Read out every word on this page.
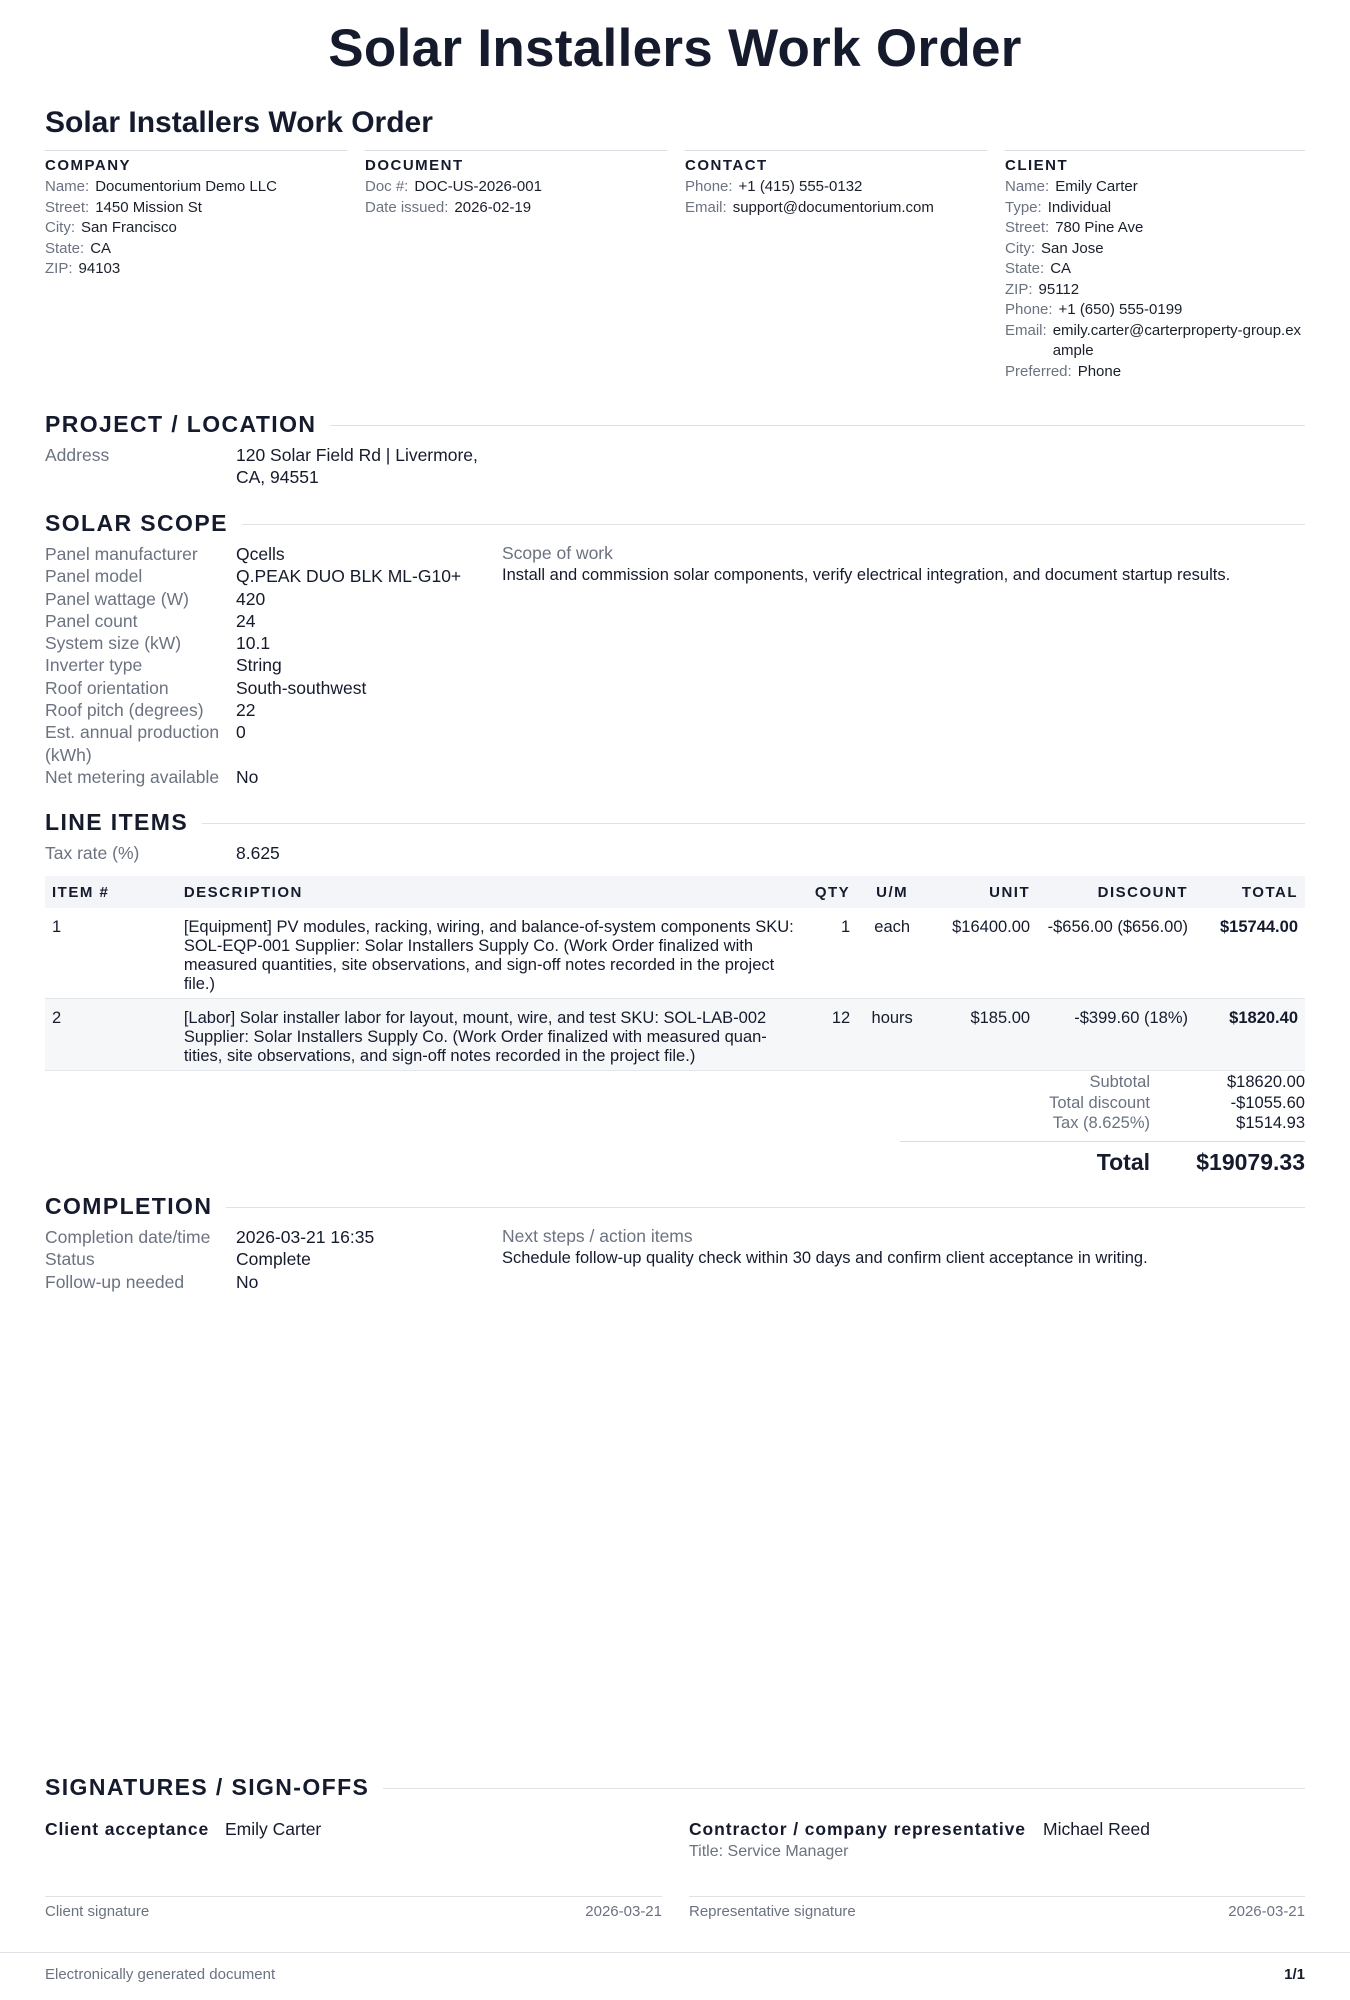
Solar Installers Work Order
Solar Installers Work Order
COMPANY
Name: Documentorium Demo LLC
Street: 1450 Mission St
City: San Francisco
State: CA
ZIP: 94103
DOCUMENT
Doc #: DOC-US-2026-001
Date issued: 2026-02-19
CONTACT
Phone: +1 (415) 555-0132
Email: support@documentorium.com
CLIENT
Name: Emily Carter
Type: Individual
Street: 780 Pine Ave
City: San Jose
State: CA
ZIP: 95112
Phone: +1 (650) 555-0199
Email: emily.carter@carterproperty-group.example
Preferred: Phone
PROJECT / LOCATION
Address	120 Solar Field Rd | Livermore,
CA, 94551
SOLAR SCOPE
Panel manufacturer	Qcells
Panel model	Q.PEAK DUO BLK ML-G10+
Panel wattage (W)	420
Panel count	24
System size (kW)	10.1
Inverter type	String
Roof orientation	South-southwest
Roof pitch (degrees)	22
Est. annual production (kWh)
0
Net metering available No
Scope of work
Install and commission solar components, verify electrical integration, and document startup results.
LINE ITEMS
Tax rate (%)	8.625
ITEM #	DESCRIPTION	QTY	U/M	UNIT	DISCOUNT	TOTAL
1	[Equipment] PV modules, racking, wiring, and balance-of-system components SKU: SOL-EQP-001 Supplier: Solar Installers Supply Co. (Work Order finalized with measured quantities, site observations, and sign-off notes recorded in the project file.)	1	each	$16400.00	-$656.00 ($656.00)	$15744.00
2	[Labor] Solar installer labor for layout, mount, wire, and test SKU: SOL-LAB-002 Supplier: Solar Installers Supply Co. (Work Order finalized with measured quan-tities, site observations, and sign-off notes recorded in the project file.)	12	hours	$185.00	-$399.60 (18%)	$1820.40
Subtotal	$18620.00
Total discount	-$1055.60
Tax (8.625%)	$1514.93
Total	$19079.33
COMPLETION
Completion date/time	2026-03-21 16:35
Status	Complete
Follow-up needed	No
Next steps / action items
Schedule follow-up quality check within 30 days and confirm client acceptance in writing.
SIGNATURES / SIGN-OFFS
Client acceptance Emily Carter
Client signature	2026-03-21
Contractor / company representative Michael Reed
Title: Service Manager
Representative signature	2026-03-21
Electronically generated document	1/1
